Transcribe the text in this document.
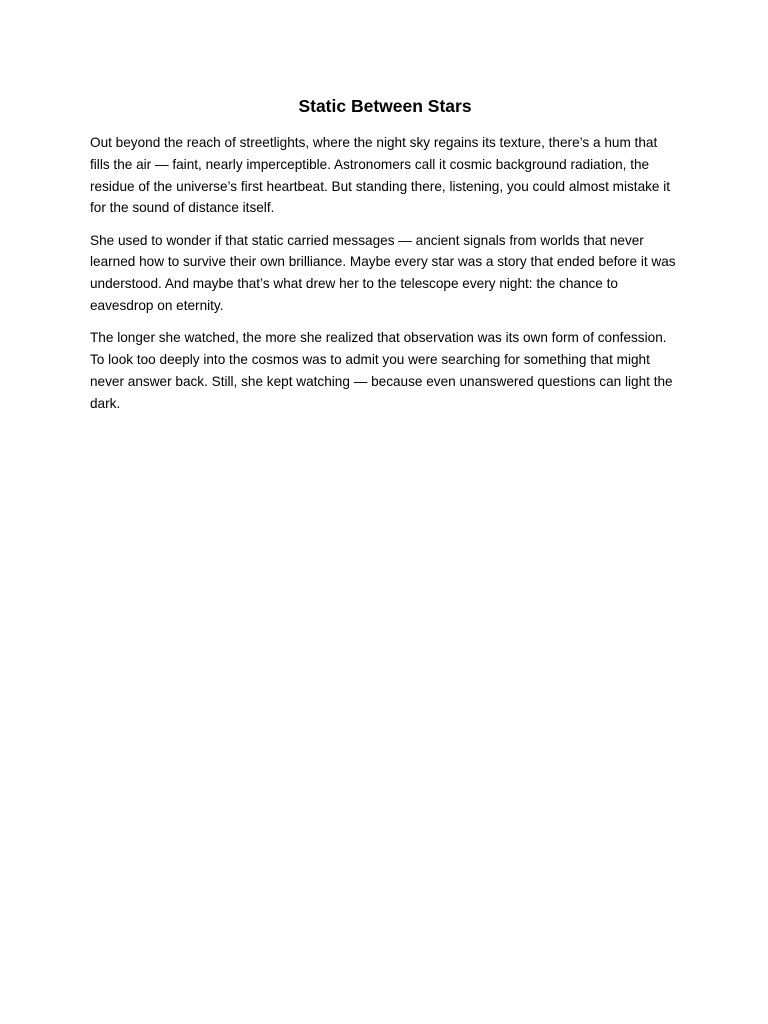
Static Between Stars

Out beyond the reach of streetlights, where the night sky regains its texture, there’s a hum that fills the air — faint, nearly imperceptible. Astronomers call it cosmic background radiation, the residue of the universe’s first heartbeat. But standing there, listening, you could almost mistake it for the sound of distance itself.

She used to wonder if that static carried messages — ancient signals from worlds that never learned how to survive their own brilliance. Maybe every star was a story that ended before it was understood. And maybe that’s what drew her to the telescope every night: the chance to eavesdrop on eternity.

The longer she watched, the more she realized that observation was its own form of confession. To look too deeply into the cosmos was to admit you were searching for something that might never answer back. Still, she kept watching — because even unanswered questions can light the dark.
